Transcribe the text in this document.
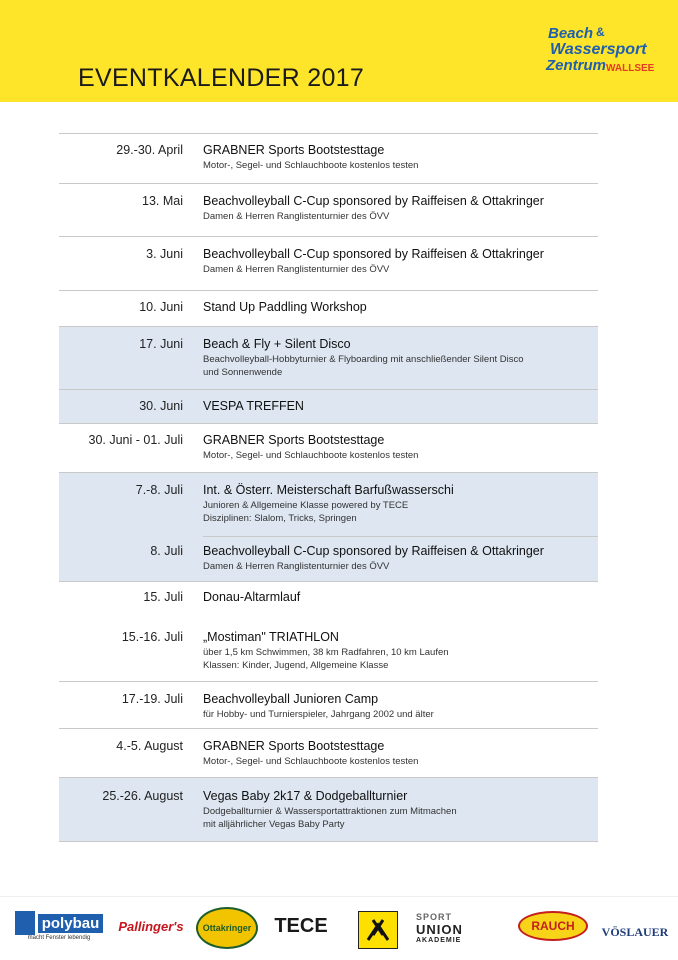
EVENTKALENDER 2017
Beach &
Wassersport
Zentrum WALLSEE
29.-30. April GRABNER Sports Bootstesttage
Motor-, Segel- und Schlauchboote kostenlos testen
13. Mai Beachvolleyball C-Cup sponsored by Raiffeisen & Ottakringer
Damen & Herren Ranglistenturnier des ÖVV
3. Juni Beachvolleyball C-Cup sponsored by Raiffeisen & Ottakringer
Damen & Herren Ranglistenturnier des ÖVV
10. Juni Stand Up Paddling Workshop
17. Juni Beach & Fly + Silent Disco
Beachvolleyball-Hobbyturnier & Flyboarding mit anschließender Silent Disco
und Sonnenwende
30. Juni VESPA TREFFEN
30. Juni - 01. Juli GRABNER Sports Bootstesttage
Motor-, Segel- und Schlauchboote kostenlos testen
7.-8. Juli Int. & Österr. Meisterschaft Barfußwasserschi
Junioren & Allgemeine Klasse powered by TECE
Disziplinen: Slalom, Tricks, Springen
8. Juli Beachvolleyball C-Cup sponsored by Raiffeisen & Ottakringer
Damen & Herren Ranglistenturnier des ÖVV
15. Juli Donau-Altarmlauf
15.-16. Juli „Mostiman" TRIATHLON
über 1,5 km Schwimmen, 38 km Radfahren, 10 km Laufen
Klassen: Kinder, Jugend, Allgemeine Klasse
17.-19. Juli Beachvolleyball Junioren Camp
für Hobby- und Turnierspieler, Jahrgang 2002 und älter
4.-5. August GRABNER Sports Bootstesttage
Motor-, Segel- und Schlauchboote kostenlos testen
25.-26. August Vegas Baby 2k17 & Dodgeballturnier
Dodgeballturnier & Wassersportattraktionen zum Mitmachen
mit alljährlicher Vegas Baby Party
polybau
macht Fenster lebendig
Pallinger's	Ottakringer	TECE	SPORT
UNION
AKADEMIE
RAUCH	VÖSLAUER
